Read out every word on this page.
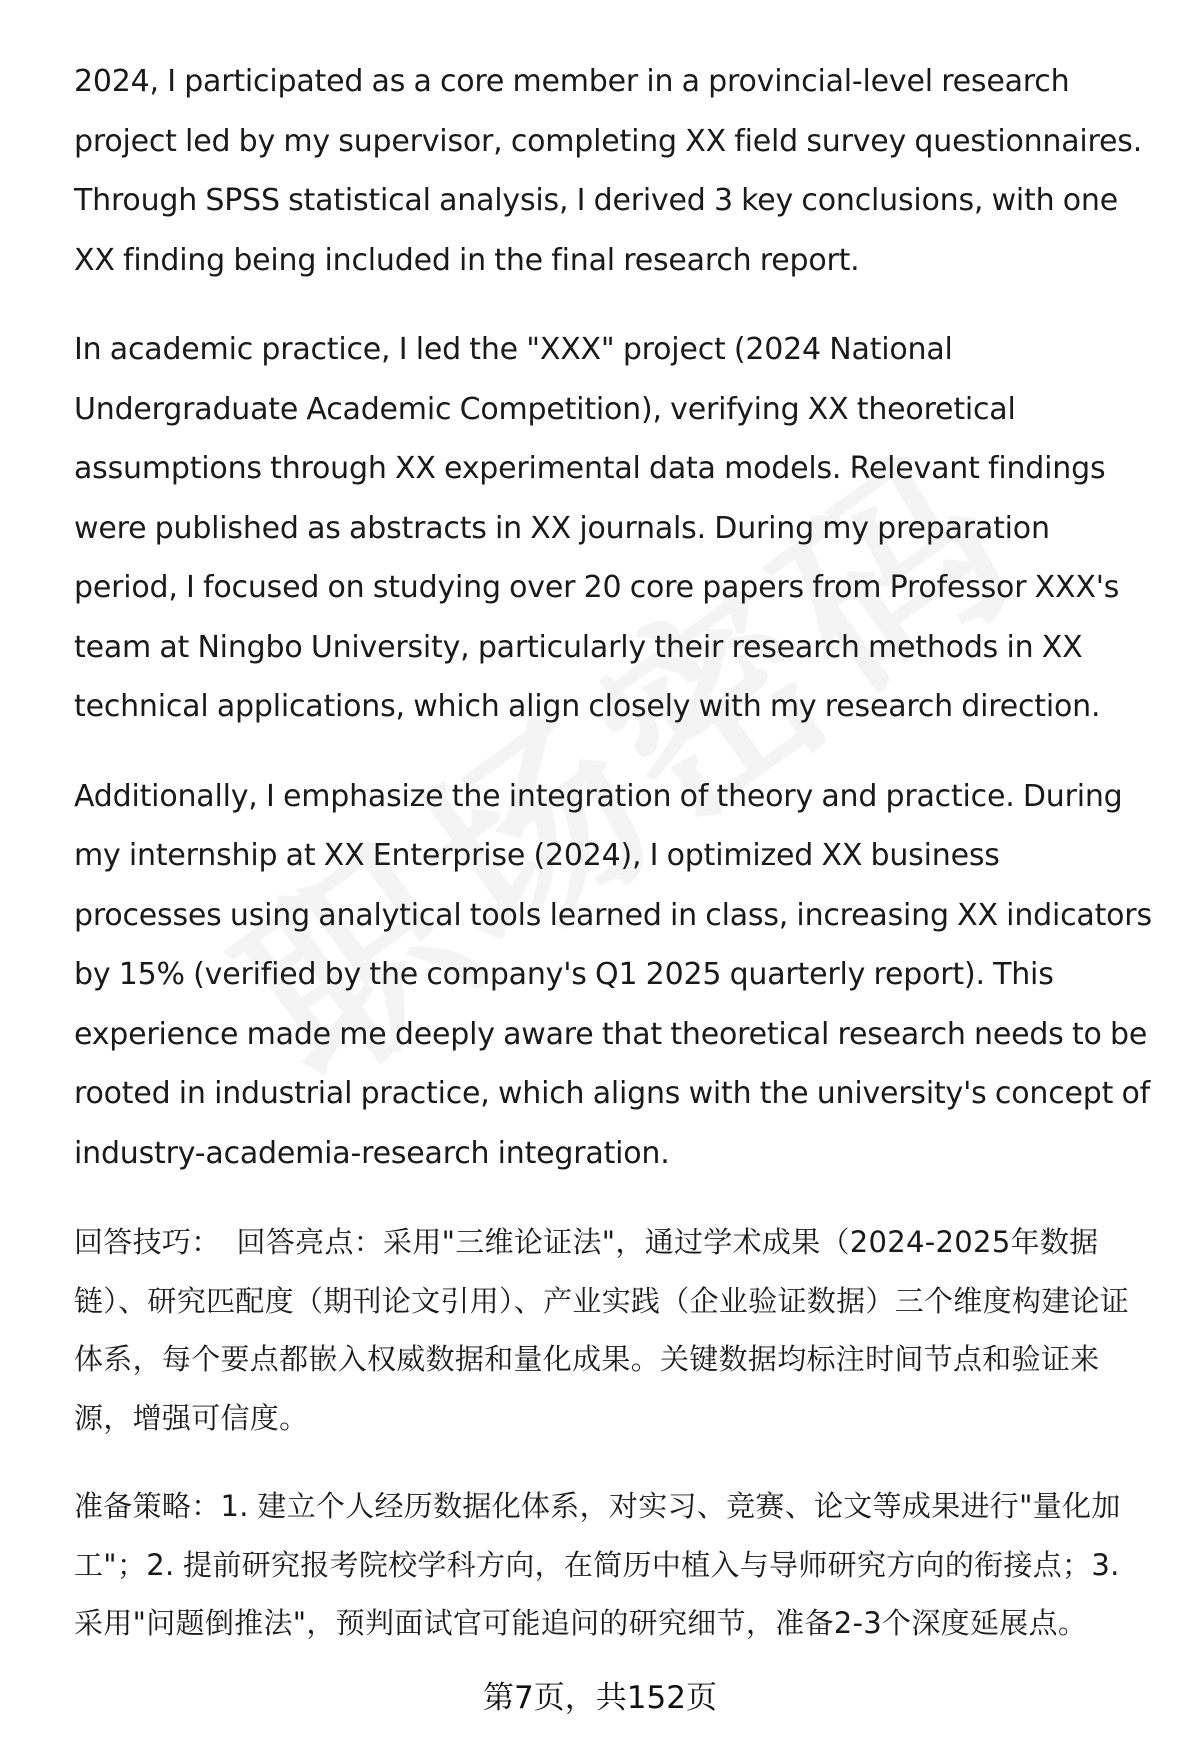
2024, I participated as a core member in a provincial-level research project led by my supervisor, completing XX field survey questionnaires. Through SPSS statistical analysis, I derived 3 key conclusions, with one XX finding being included in the final research report.

In academic practice, I led the "XXX" project (2024 National Undergraduate Academic Competition), verifying XX theoretical assumptions through XX experimental data models. Relevant findings were published as abstracts in XX journals. During my preparation period, I focused on studying over 20 core papers from Professor XXX's team at Ningbo University, particularly their research methods in XX technical applications, which align closely with my research direction.

Additionally, I emphasize the integration of theory and practice. During my internship at XX Enterprise (2024), I optimized XX business processes using analytical tools learned in class, increasing XX indicators by 15% (verified by the company's Q1 2025 quarterly report). This experience made me deeply aware that theoretical research needs to be rooted in industrial practice, which aligns with the university's concept of industry-academia-research integration.

回答技巧： 回答亮点：采用"三维论证法"，通过学术成果（2024-2025年数据链）、研究匹配度（期刊论文引用）、产业实践（企业验证数据）三个维度构建论证体系，每个要点都嵌入权威数据和量化成果。关键数据均标注时间节点和验证来源，增强可信度。

准备策略：1. 建立个人经历数据化体系，对实习、竞赛、论文等成果进行"量化加工"；2. 提前研究报考院校学科方向，在简历中植入与导师研究方向的衔接点；3. 采用"问题倒推法"，预判面试官可能追问的研究细节，准备2-3个深度延展点。

第7页，共152页
